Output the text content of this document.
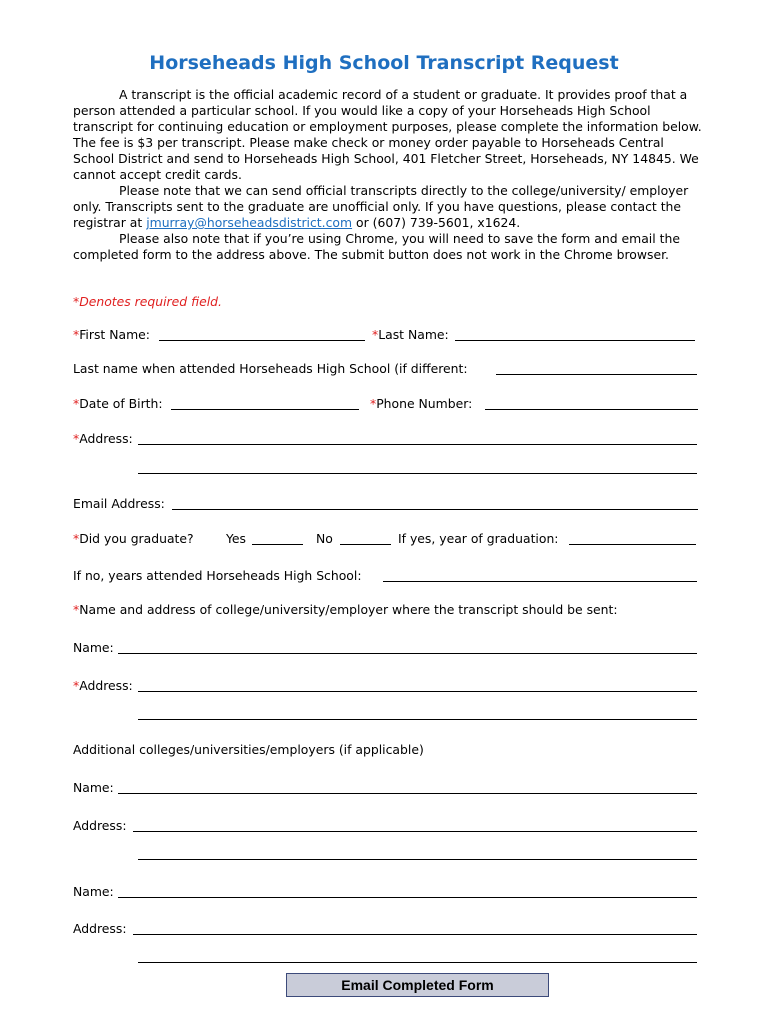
Horseheads High School Transcript Request

A transcript is the official academic record of a student or graduate. It provides proof that a person attended a particular school. If you would like a copy of your Horseheads High School transcript for continuing education or employment purposes, please complete the information below. The fee is $3 per transcript. Please make check or money order payable to Horseheads Central School District and send to Horseheads High School, 401 Fletcher Street, Horseheads, NY 14845. We cannot accept credit cards.

Please note that we can send official transcripts directly to the college/university/ employer only. Transcripts sent to the graduate are unofficial only. If you have questions, please contact the registrar at jmurray@horseheadsdistrict.com or (607) 739-5601, x1624.

Please also note that if you’re using Chrome, you will need to save the form and email the completed form to the address above. The submit button does not work in the Chrome browser.

*Denotes required field.
*First Name:	*Last Name:
Last name when attended Horseheads High School (if different:
*Date of Birth:	*Phone Number:
*Address:
Email Address:
*Did you graduate?	Yes	No	If yes, year of graduation:
If no, years attended Horseheads High School:
*Name and address of college/university/employer where the transcript should be sent:
Name:
*Address:
Additional colleges/universities/employers (if applicable)
Name:
Address:
Name:
Address:
Email Completed Form
